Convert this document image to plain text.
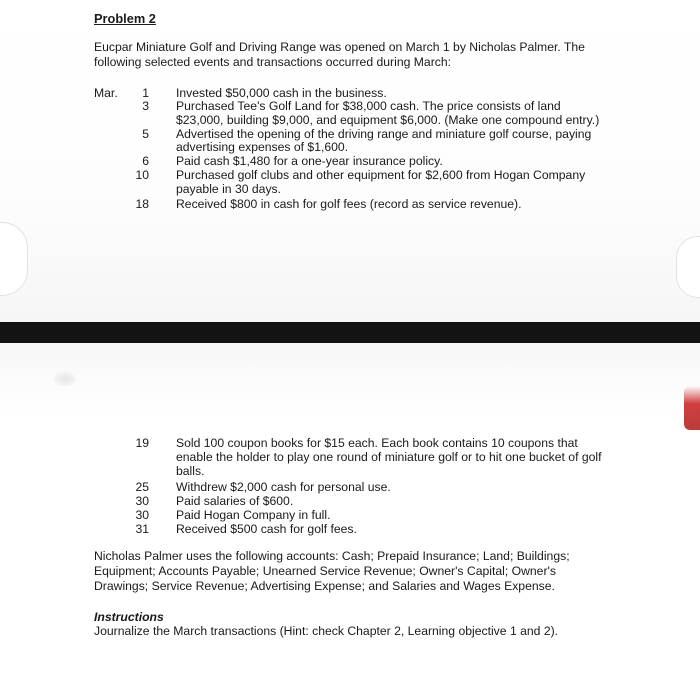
Problem 2
Eucpar Miniature Golf and Driving Range was opened on March 1 by Nicholas Palmer. The
following selected events and transactions occurred during March:
Mar.	1 Invested $50,000 cash in the business.
3 Purchased Tee's Golf Land for $38,000 cash. The price consists of land
$23,000, building $9,000, and equipment $6,000. (Make one compound entry.)
5 Advertised the opening of the driving range and miniature golf course, paying
advertising expenses of $1,600.
6 Paid cash $1,480 for a one-year insurance policy.
10 Purchased golf clubs and other equipment for $2,600 from Hogan Company
payable in 30 days.
18 Received $800 in cash for golf fees (record as service revenue).
19 Sold 100 coupon books for $15 each. Each book contains 10 coupons that
enable the holder to play one round of miniature golf or to hit one bucket of golf
balls.
25 Withdrew $2,000 cash for personal use.
30 Paid salaries of $600.
30 Paid Hogan Company in full.
31 Received $500 cash for golf fees.
Nicholas Palmer uses the following accounts: Cash; Prepaid Insurance; Land; Buildings;
Equipment; Accounts Payable; Unearned Service Revenue; Owner's Capital; Owner's
Drawings; Service Revenue; Advertising Expense; and Salaries and Wages Expense.
Instructions
Journalize the March transactions (Hint: check Chapter 2, Learning objective 1 and 2).
